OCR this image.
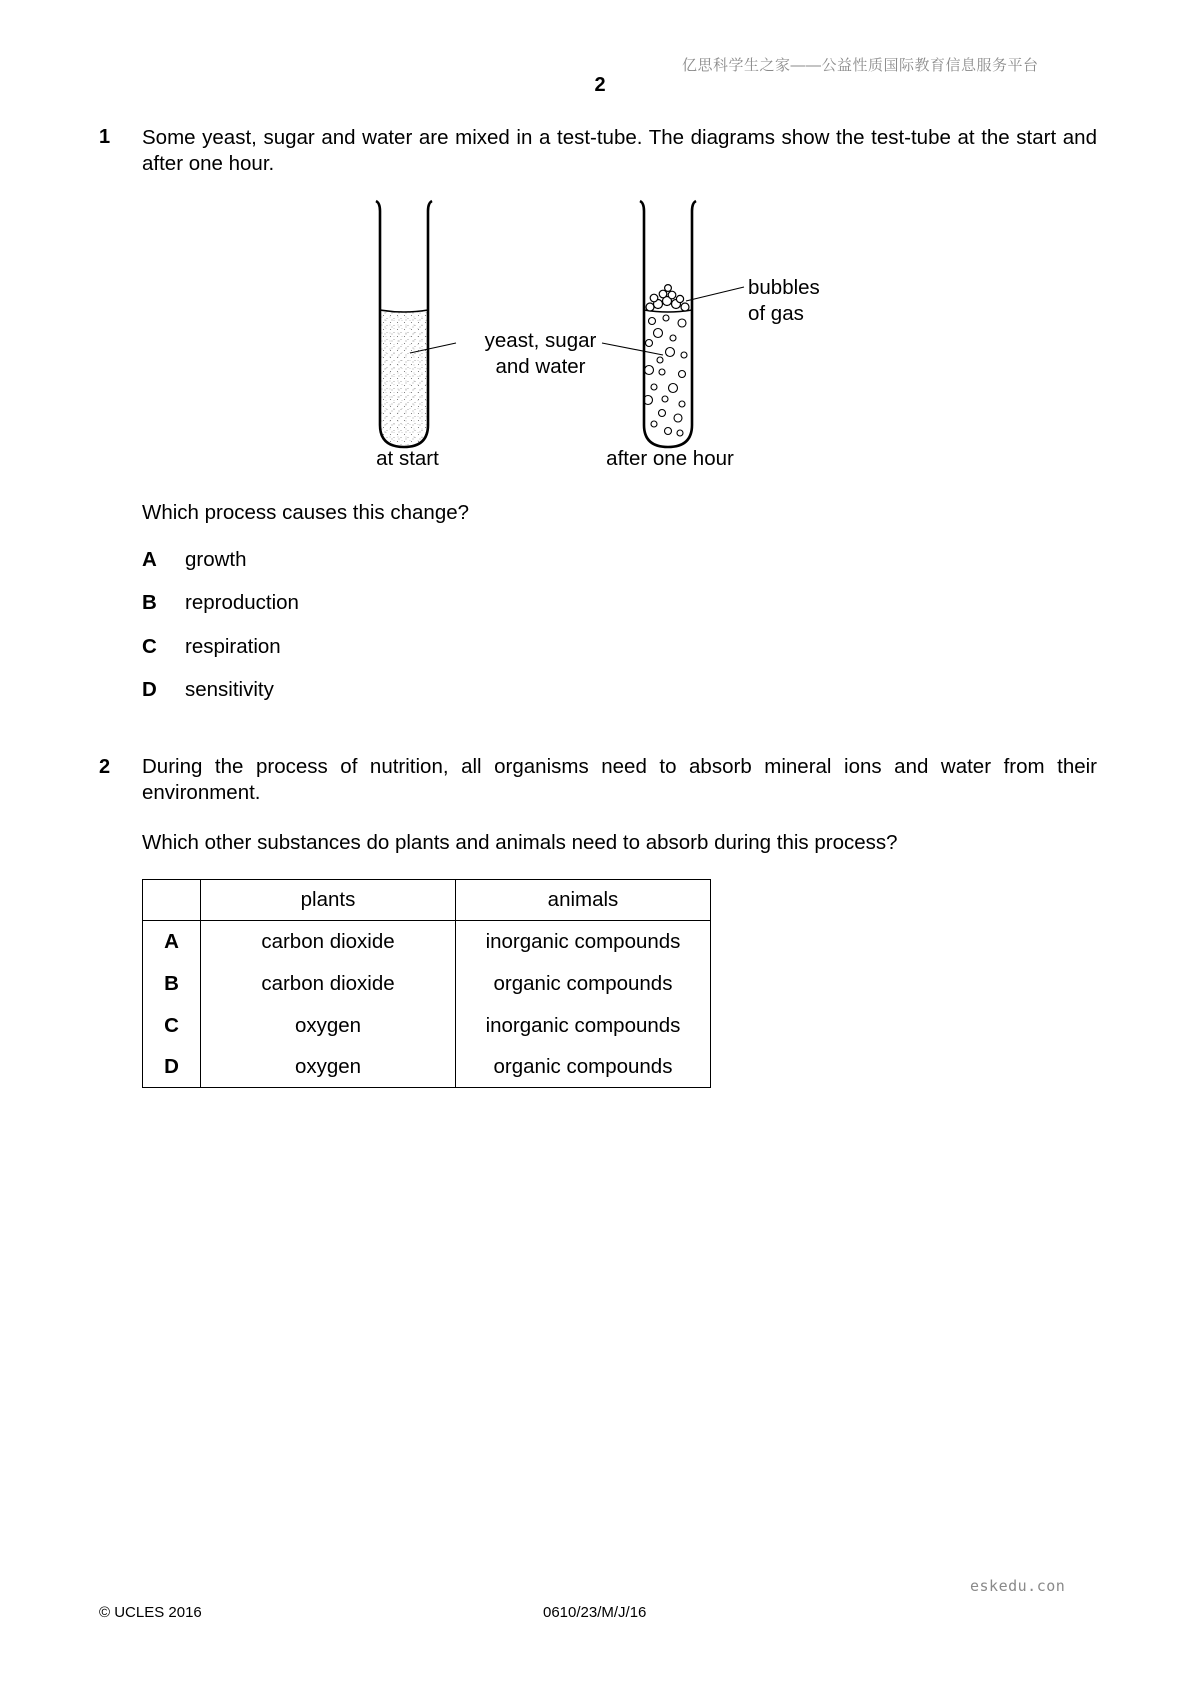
亿思科学生之家——公益性质国际教育信息服务平台
2
1 Some yeast, sugar and water are mixed in a test-tube. The diagrams show the test-tube at the start and after one hour.
yeast, sugar
and water
bubbles
of gas
at start	after one hour
Which process causes this change?
A growth
B reproduction
C respiration
D sensitivity
2 During the process of nutrition, all organisms need to absorb mineral ions and water from their environment.
Which other substances do plants and animals need to absorb during this process?
	plants	animals
A	carbon dioxide	inorganic compounds
B	carbon dioxide	organic compounds
C	oxygen	inorganic compounds
D	oxygen	organic compounds
eskedu.con
© UCLES 2016	0610/23/M/J/16
